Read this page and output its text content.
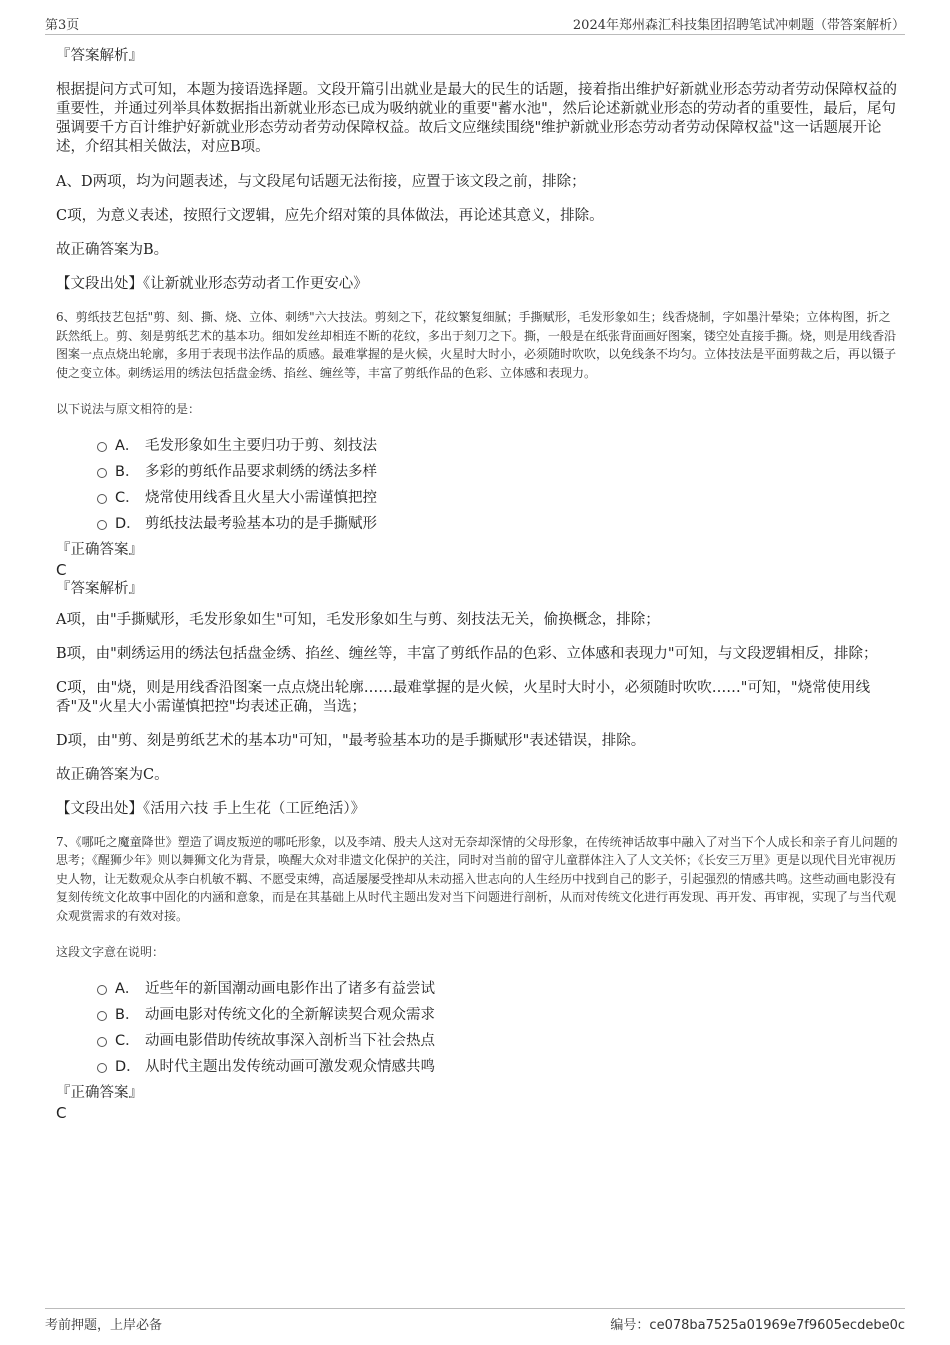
第3页	2024年郑州森汇科技集团招聘笔试冲刺题（带答案解析）

『答案解析』

根据提问方式可知，本题为接语选择题。文段开篇引出就业是最大的民生的话题，接着指出维护好新就业形态劳动者劳动保障权益的重要性，并通过列举具体数据指出新就业形态已成为吸纳就业的重要"蓄水池"，然后论述新就业形态的劳动者的重要性，最后，尾句强调要千方百计维护好新就业形态劳动者劳动保障权益。故后文应继续围绕"维护新就业形态劳动者劳动保障权益"这一话题展开论述，介绍其相关做法，对应B项。

A、D两项，均为问题表述，与文段尾句话题无法衔接，应置于该文段之前，排除；

C项，为意义表述，按照行文逻辑，应先介绍对策的具体做法，再论述其意义，排除。

故正确答案为B。

【文段出处】《让新就业形态劳动者工作更安心》

6、剪纸技艺包括"剪、刻、撕、烧、立体、刺绣"六大技法。剪刻之下，花纹繁复细腻；手撕赋形，毛发形象如生；线香烧制，字如墨汁晕染；立体构图，折之跃然纸上。剪、刻是剪纸艺术的基本功。细如发丝却相连不断的花纹，多出于刻刀之下。撕，一般是在纸张背面画好图案，镂空处直接手撕。烧，则是用线香沿图案一点点烧出轮廓，多用于表现书法作品的质感。最难掌握的是火候，火星时大时小，必须随时吹吹，以免线条不均匀。立体技法是平面剪裁之后，再以镊子使之变立体。刺绣运用的绣法包括盘金绣、掐丝、缠丝等，丰富了剪纸作品的色彩、立体感和表现力。

以下说法与原文相符的是：

A． 毛发形象如生主要归功于剪、刻技法
B． 多彩的剪纸作品要求刺绣的绣法多样
C． 烧常使用线香且火星大小需谨慎把控
D． 剪纸技法最考验基本功的是手撕赋形

『正确答案』

C

『答案解析』

A项，由"手撕赋形，毛发形象如生"可知，毛发形象如生与剪、刻技法无关，偷换概念，排除；

B项，由"刺绣运用的绣法包括盘金绣、掐丝、缠丝等，丰富了剪纸作品的色彩、立体感和表现力"可知，与文段逻辑相反，排除；

C项，由"烧，则是用线香沿图案一点点烧出轮廓……最难掌握的是火候，火星时大时小，必须随时吹吹……"可知，"烧常使用线香"及"火星大小需谨慎把控"均表述正确，当选；

D项，由"剪、刻是剪纸艺术的基本功"可知，"最考验基本功的是手撕赋形"表述错误，排除。

故正确答案为C。

【文段出处】《活用六技 手上生花（工匠绝活）》

7、《哪吒之魔童降世》塑造了调皮叛逆的哪吒形象，以及李靖、殷夫人这对无奈却深情的父母形象，在传统神话故事中融入了对当下个人成长和亲子育儿问题的思考；《醒狮少年》则以舞狮文化为背景，唤醒大众对非遗文化保护的关注，同时对当前的留守儿童群体注入了人文关怀；《长安三万里》更是以现代目光审视历史人物，让无数观众从李白机敏不羁、不愿受束缚，高适屡屡受挫却从未动摇入世志向的人生经历中找到自己的影子，引起强烈的情感共鸣。这些动画电影没有复刻传统文化故事中固化的内涵和意象，而是在其基础上从时代主题出发对当下问题进行剖析，从而对传统文化进行再发现、再开发、再审视，实现了与当代观众观赏需求的有效对接。

这段文字意在说明：

A． 近些年的新国潮动画电影作出了诸多有益尝试
B． 动画电影对传统文化的全新解读契合观众需求
C． 动画电影借助传统故事深入剖析当下社会热点
D． 从时代主题出发传统动画可激发观众情感共鸣

『正确答案』

C

考前押题，上岸必备	编号：ce078ba7525a01969e7f9605ecdebe0c
